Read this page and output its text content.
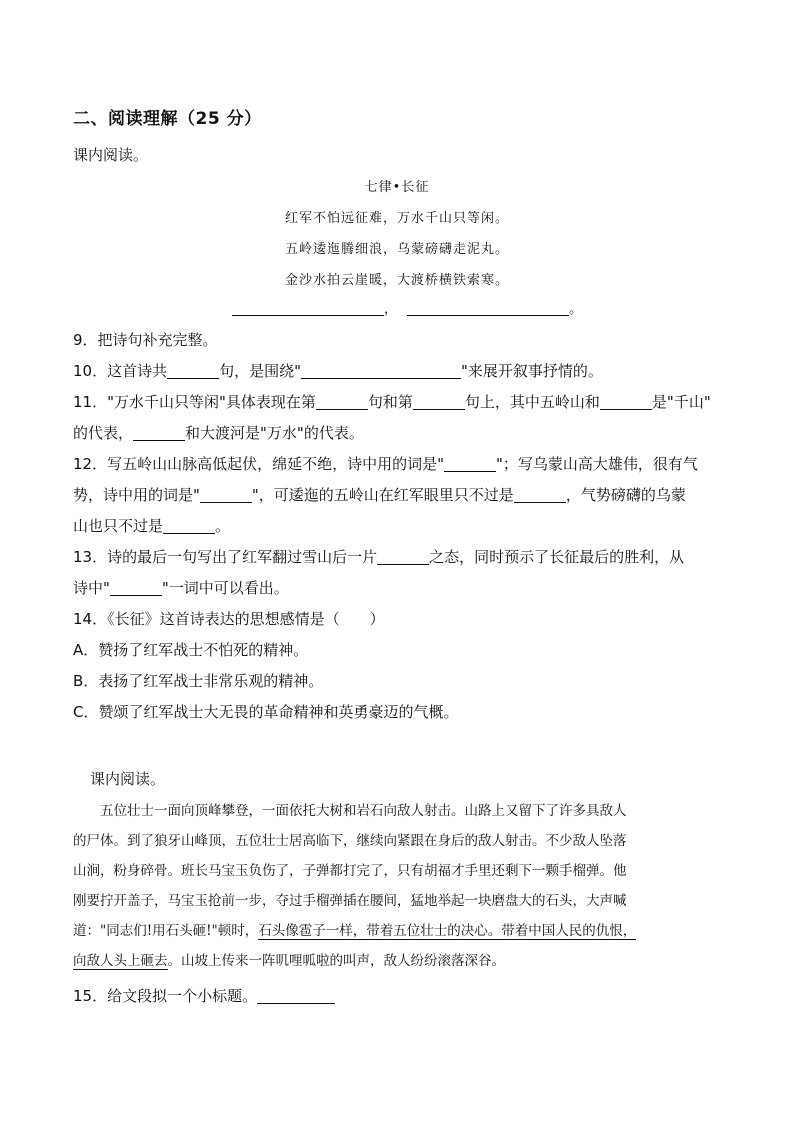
二、阅读理解（25 分）
课内阅读。
七律•长征
红军不怕远征难，万水千山只等闲。
五岭逶迤腾细浪，乌蒙磅礴走泥丸。
金沙水拍云崖暖，大渡桥横铁索寒。
，	。
9．把诗句补充完整。
10．这首诗共	句，是围绕"	"来展开叙事抒情的。
11．"万水千山只等闲"具体表现在第	句和第	句上，其中五岭山和	是"千山"
的代表，	和大渡河是"万水"的代表。
12．写五岭山山脉高低起伏，绵延不绝，诗中用的词是"	"；写乌蒙山高大雄伟，很有气
势，诗中用的词是"	"，可逶迤的五岭山在红军眼里只不过是	，气势磅礴的乌蒙
山也只不过是	。
13．诗的最后一句写出了红军翻过雪山后一片	之态，同时预示了长征最后的胜利，从
诗中"	"一词中可以看出。
14．《长征》这首诗表达的思想感情是（　　）
A．赞扬了红军战士不怕死的精神。
B．表扬了红军战士非常乐观的精神。
C．赞颂了红军战士大无畏的革命精神和英勇豪迈的气概。
课内阅读。
五位壮士一面向顶峰攀登，一面依托大树和岩石向敌人射击。山路上又留下了许多具敌人
的尸体。到了狼牙山峰顶，五位壮士居高临下，继续向紧跟在身后的敌人射击。不少敌人坠落
山涧，粉身碎骨。班长马宝玉负伤了，子弹都打完了，只有胡福才手里还剩下一颗手榴弹。他
刚要拧开盖子，马宝玉抢前一步，夺过手榴弹插在腰间，猛地举起一块磨盘大的石头，大声喊
道："同志们!用石头砸!"顿时，石头像雹子一样，带着五位壮士的决心。带着中国人民的仇恨，
向敌人头上砸去。山坡上传来一阵叽哩呱啦的叫声，敌人纷纷滚落深谷。
15．给文段拟一个小标题。
